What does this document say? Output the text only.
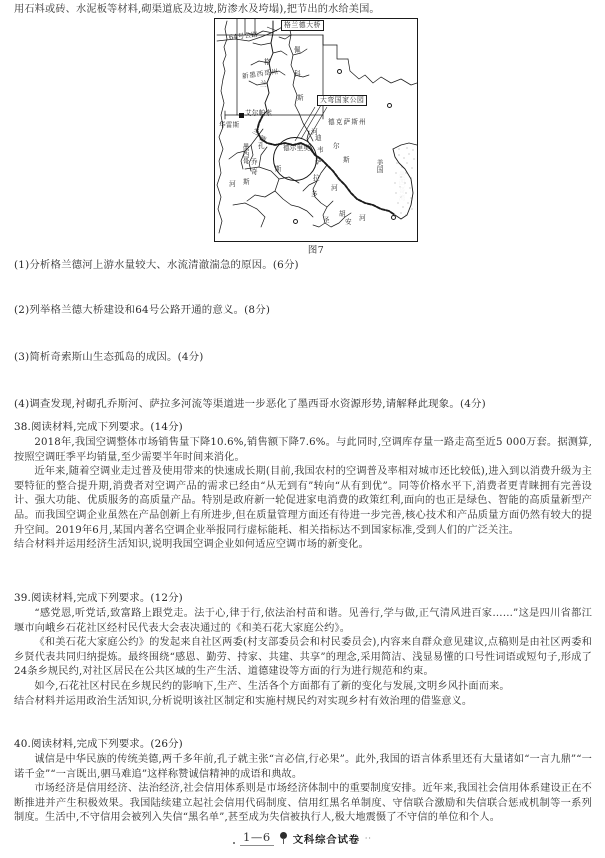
用石料或砖、水泥板等材料,砌渠道底及边坡,防渗水及垮塌),把节出的水给美国。
格兰德大桥
64号公路
新墨西哥州
大弯国家公园
德克萨斯州
艾尔帕索
华雷斯
墨西哥
美国
墨西哥湾
格
兰
兰
德
佩
科
斯
河
孔
乔
斯
河
奇 斯
萨
拉
多
河
迪
韦 尔
斯
圣
胡
安 河
德尔里奥
图7
(1)分析格兰德河上游水量较大、水流清澈湍急的原因。(6分)
(2)列举格兰德大桥建设和64号公路开通的意义。(8分)
(3)简析奇索斯山生态孤岛的成因。(4分)
(4)调查发现,衬砌孔乔斯河、萨拉多河流等渠道进一步恶化了墨西哥水资源形势,请解释此现象。(4分)
38.阅读材料,完成下列要求。(14分)
2018年,我国空调整体市场销售量下降10.6%,销售额下降7.6%。与此同时,空调库存量一路走高至近5 000万套。据测算,按照空调旺季平均销量,至少需要半年时间来消化。
近年来,随着空调业走过普及使用带来的快速成长期(目前,我国农村的空调普及率相对城市还比较低),进入到以消费升级为主要特征的整合提升期,消费者对空调产品的需求已经由“从无到有”转向“从有到优”。同等价格水平下,消费者更青睐拥有完善设计、强大功能、优质服务的高质量产品。特别是政府新一轮促进家电消费的政策红利,面向的也正是绿色、智能的高质量新型产品。而我国空调企业虽然在产品创新上有所进步,但在质量管理方面还有待进一步完善,核心技术和产品质量方面仍然有较大的提升空间。2019年6月,某国内著名空调企业举报同行虚标能耗、相关指标达不到国家标准,受到人们的广泛关注。
结合材料并运用经济生活知识,说明我国空调企业如何适应空调市场的新变化。
39.阅读材料,完成下列要求。(12分)
“感党恩,听党话,致富路上跟党走。法于心,律于行,依法治村苗和谐。见善行,学与做,正气清风进百家……”这是四川省都江堰市向峨乡石花社区经村民代表大会表决通过的《和美石花大家庭公约》。
《和美石花大家庭公约》的发起来自社区两委(村支部委员会和村民委员会),内容来自群众意见建议,点稿则是由社区两委和乡贤代表共同归纳提炼。最终围绕“感恩、勤劳、持家、共建、共享”的理念,采用简洁、浅显易懂的口号性词语或短句子,形成了24条乡规民约,对社区居民在公共区域的生产生活、道德建设等方面的行为进行规范和约束。
如今,石花社区村民在乡规民约的影响下,生产、生活各个方面都有了新的变化与发展,文明乡风扑面而来。
结合材料并运用政治生活知识,分析说明该社区制定和实施村规民约对实现乡村有效治理的借鉴意义。
40.阅读材料,完成下列要求。(26分)
诚信是中华民族的传统美德,两千多年前,孔子就主张“言必信,行必果”。此外,我国的语言体系里还有大量诸如“一言九鼎”“一诺千金”“一言既出,驷马难追”这样称赞诚信精神的成语和典故。
市场经济是信用经济、法治经济,社会信用体系则是市场经济体制中的重要制度安排。近年来,我国社会信用体系建设正在不断推进并产生积极效果。我国陆续建立起社会信用代码制度、信用红黑名单制度、守信联合激励和失信联合惩戒机制等一系列制度。生活中,不守信用会被列入失信“黑名单”,甚至成为失信被执行人,极大地震慑了不守信的单位和个人。
1—6 文科综合试卷 ··
